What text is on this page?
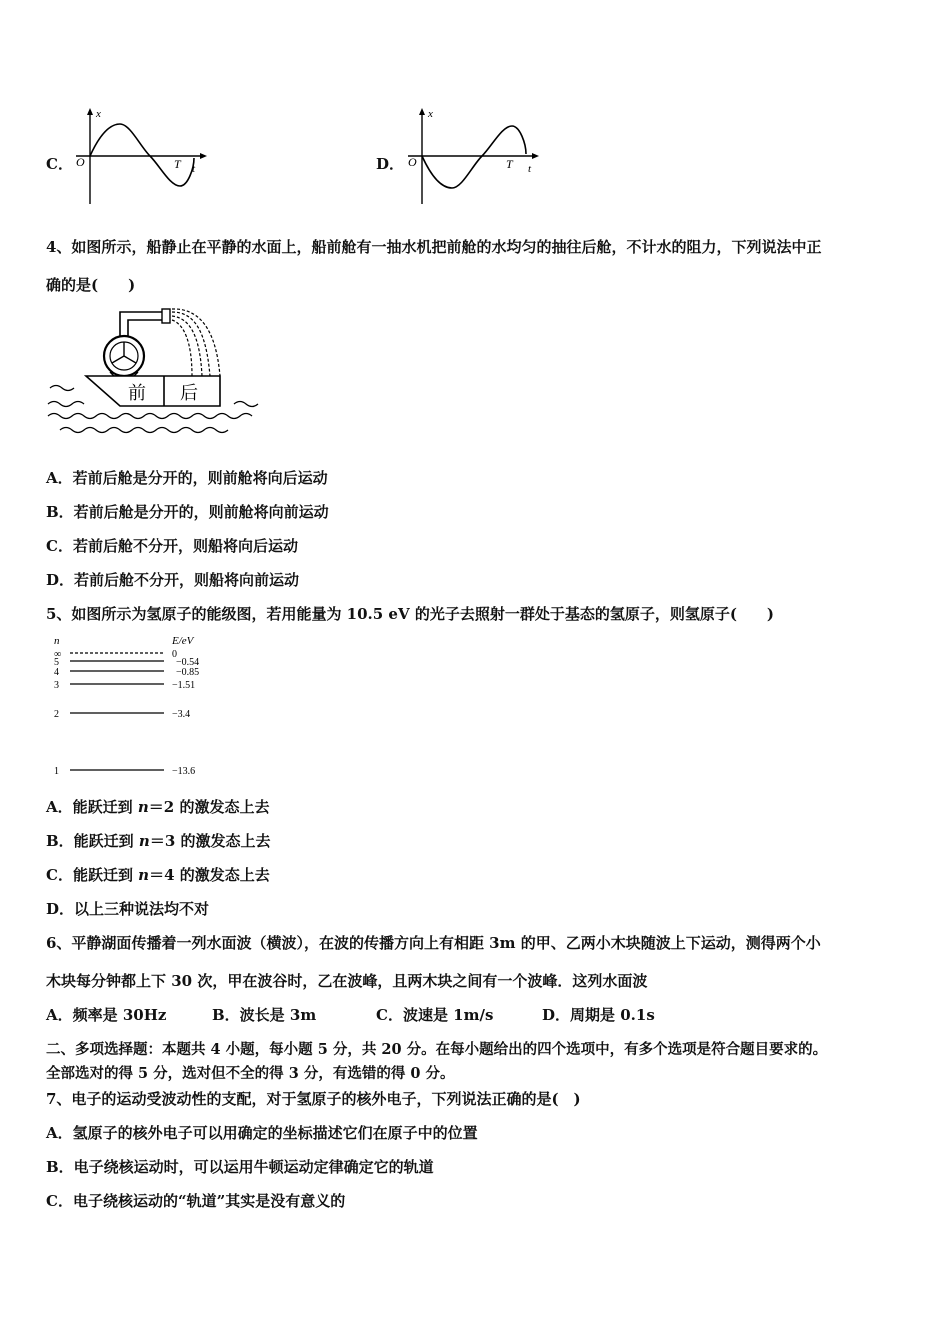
C．
x
O	T t	D．
x
O	T t
4、如图所示，船静止在平静的水面上，船前舱有一抽水机把前舱的水均匀的抽往后舱，不计水的阻力，下列说法中正
确的是(　　)
前 后
A．若前后舱是分开的，则前舱将向后运动
B．若前后舱是分开的，则前舱将向前运动
C．若前后舱不分开，则船将向后运动
D．若前后舱不分开，则船将向前运动
5、如图所示为氢原子的能级图，若用能量为 10.5 eV 的光子去照射一群处于基态的氢原子，则氢原子(　　)
n	E/eV
∞	0
5	−0.54
4	−0.85
3	−1.51
2	−3.4
1	−13.6
A．能跃迁到 n＝2 的激发态上去
B．能跃迁到 n＝3 的激发态上去
C．能跃迁到 n＝4 的激发态上去
D．以上三种说法均不对
6、平静湖面传播着一列水面波（横波），在波的传播方向上有相距 3m 的甲、乙两小木块随波上下运动，测得两个小
木块每分钟都上下 30 次，甲在波谷时，乙在波峰，且两木块之间有一个波峰．这列水面波
A．频率是 30Hz	B．波长是 3m	C．波速是 1m/s	D．周期是 0.1s
二、多项选择题：本题共 4 小题，每小题 5 分，共 20 分。在每小题给出的四个选项中，有多个选项是符合题目要求的。
全部选对的得 5 分，选对但不全的得 3 分，有选错的得 0 分。
7、电子的运动受波动性的支配，对于氢原子的核外电子，下列说法正确的是(　)
A．氢原子的核外电子可以用确定的坐标描述它们在原子中的位置
B．电子绕核运动时，可以运用牛顿运动定律确定它的轨道
C．电子绕核运动的“轨道”其实是没有意义的
